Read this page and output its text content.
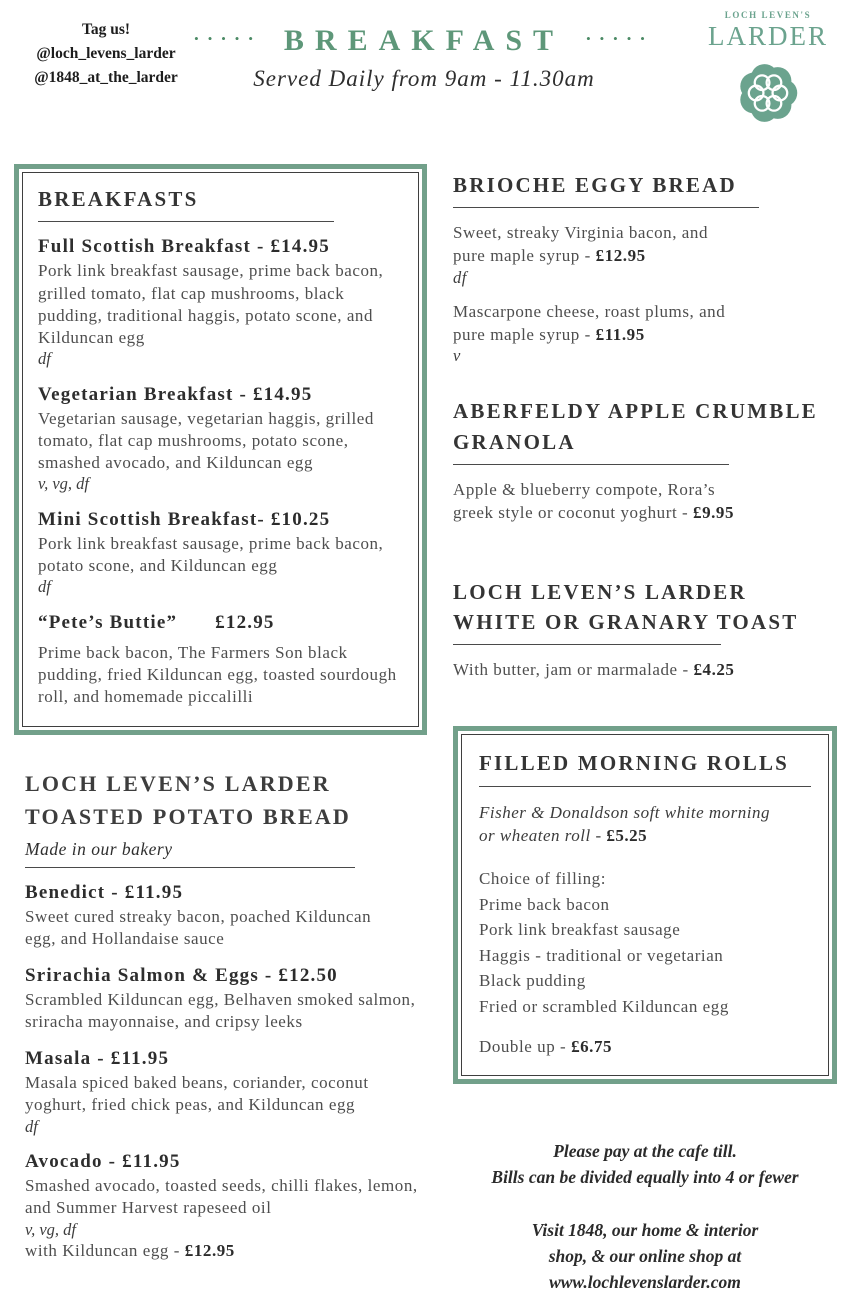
Tag us!
@loch_levens_larder
@1848_at_the_larder
••••• BREAKFAST •••••
Served Daily from 9am - 11.30am
LOCH LEVEN'S
LARDER
BREAKFASTS
Full Scottish Breakfast - £14.95
Pork link breakfast sausage, prime back bacon, grilled tomato, flat cap mushrooms, black pudding, traditional haggis, potato scone, and Kilduncan egg
df
Vegetarian Breakfast - £14.95
Vegetarian sausage, vegetarian haggis, grilled tomato, flat cap mushrooms, potato scone, smashed avocado, and Kilduncan egg
v, vg, df
Mini Scottish Breakfast- £10.25
Pork link breakfast sausage, prime back bacon, potato scone, and Kilduncan egg
df
“Pete’s Buttie” £12.95
Prime back bacon, The Farmers Son black pudding, fried Kilduncan egg, toasted sourdough roll, and homemade piccalilli
LOCH LEVEN’S LARDER
TOASTED POTATO BREAD
Made in our bakery
Benedict - £11.95
Sweet cured streaky bacon, poached Kilduncan egg, and Hollandaise sauce
Srirachia Salmon & Eggs - £12.50
Scrambled Kilduncan egg, Belhaven smoked salmon, sriracha mayonnaise, and cripsy leeks
Masala - £11.95
Masala spiced baked beans, coriander, coconut yoghurt, fried chick peas, and Kilduncan egg
df
Avocado - £11.95
Smashed avocado, toasted seeds, chilli flakes, lemon, and Summer Harvest rapeseed oil
v, vg, df
with Kilduncan egg - £12.95
BRIOCHE EGGY BREAD
Sweet, streaky Virginia bacon, and
pure maple syrup - £12.95
df
Mascarpone cheese, roast plums, and
pure maple syrup - £11.95
v
ABERFELDY APPLE CRUMBLE
GRANOLA
Apple & blueberry compote, Rora’s
greek style or coconut yoghurt - £9.95
LOCH LEVEN’S LARDER
WHITE OR GRANARY TOAST
With butter, jam or marmalade - £4.25
FILLED MORNING ROLLS
Fisher & Donaldson soft white morning
or wheaten roll - £5.25
Choice of filling:
Prime back bacon
Pork link breakfast sausage
Haggis - traditional or vegetarian
Black pudding
Fried or scrambled Kilduncan egg
Double up - £6.75
Please pay at the cafe till.
Bills can be divided equally into 4 or fewer
Visit 1848, our home & interior
shop, & our online shop at
www.lochlevenslarder.com
